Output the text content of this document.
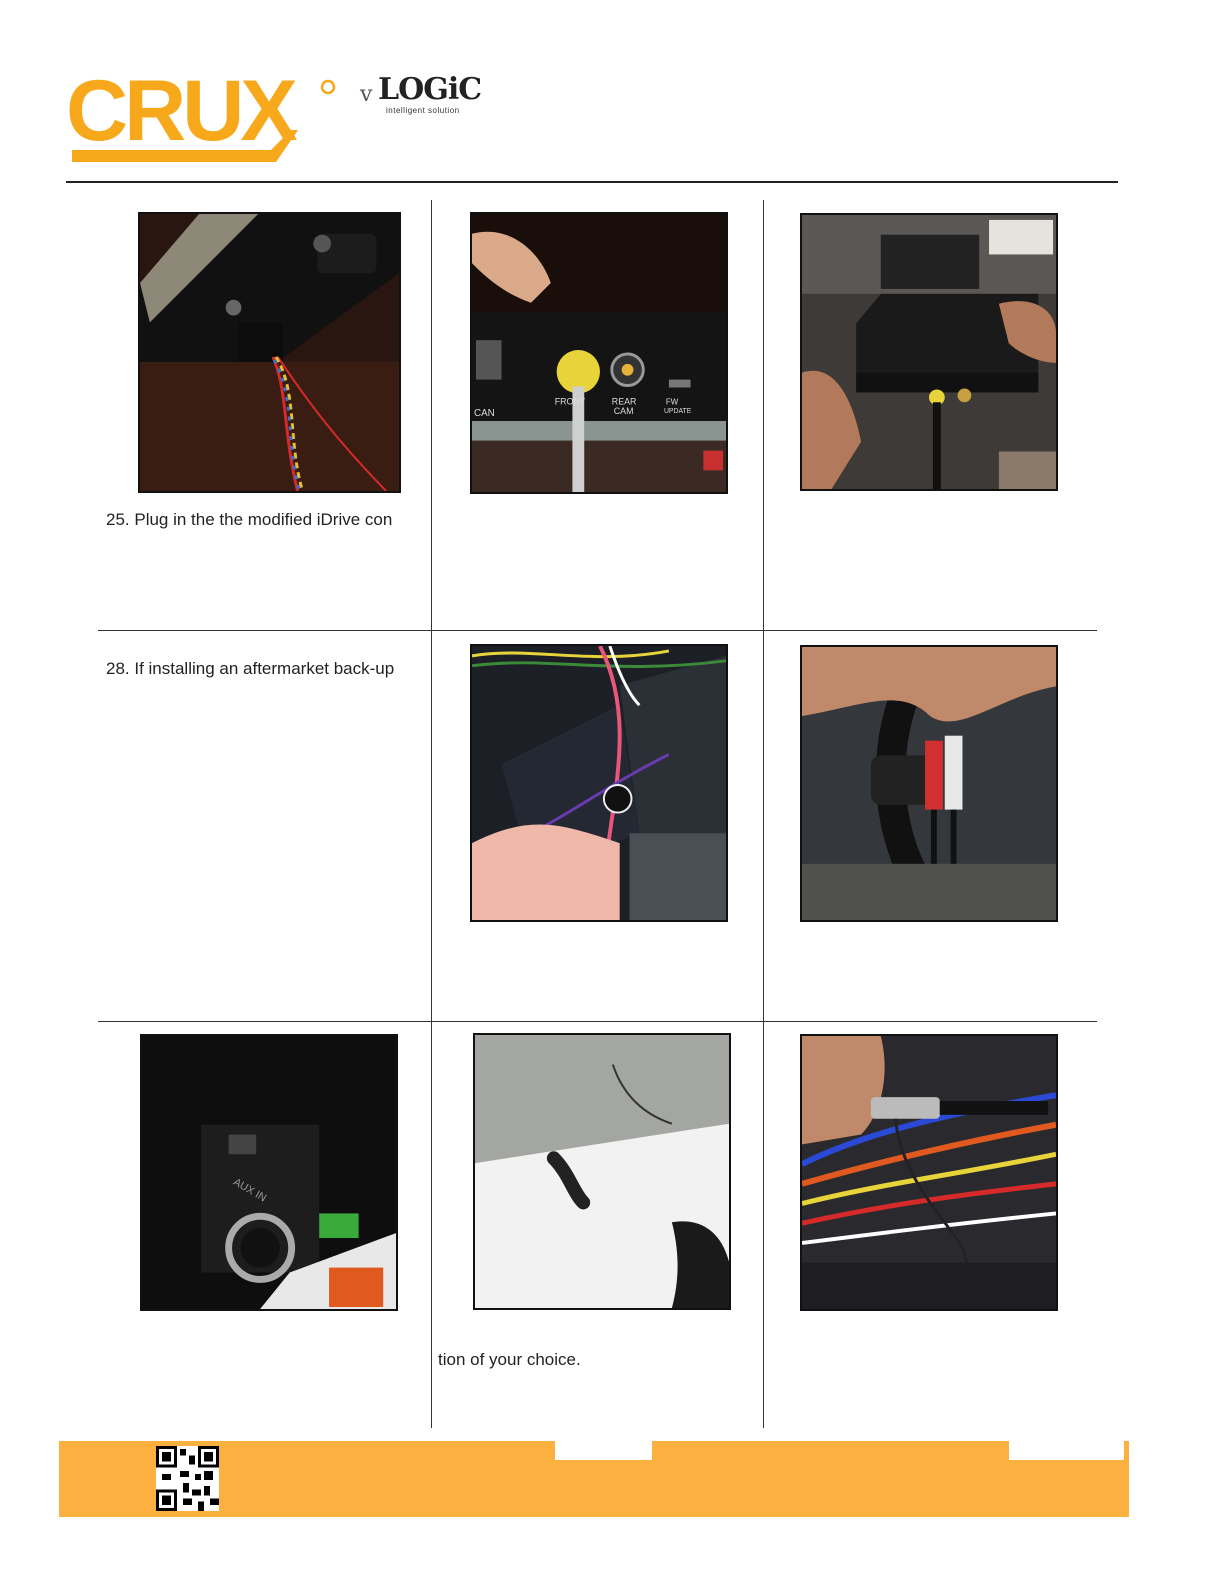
CRUX	v LOGiC
intelligent solution
CAN
FRONT	REAR
CAM
FW
UPDATE
25. Plug in the the modified iDrive con
28. If installing an aftermarket back-up
AUX IN
tion of your choice.
